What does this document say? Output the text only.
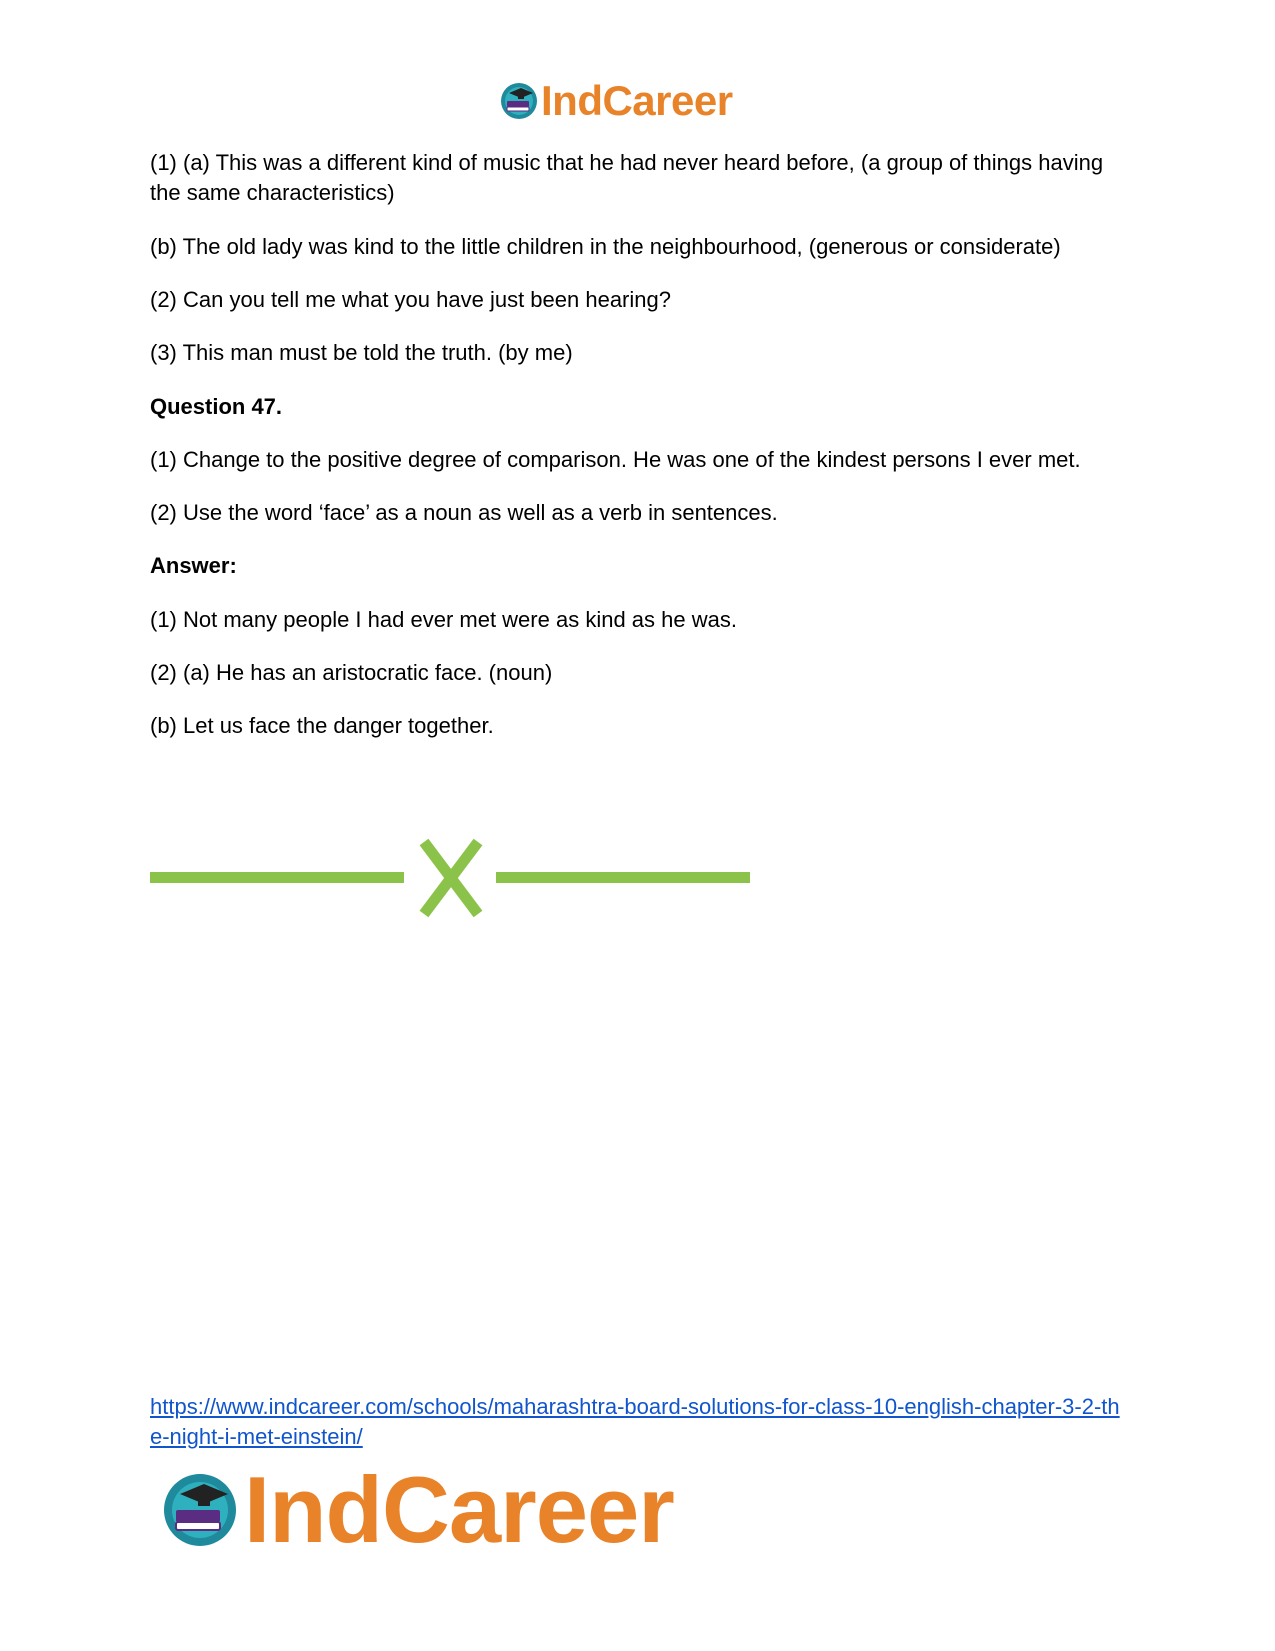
IndCareer

(1) (a) This was a different kind of music that he had never heard before, (a group of things having the same characteristics)

(b) The old lady was kind to the little children in the neighbourhood, (generous or considerate)

(2) Can you tell me what you have just been hearing?

(3) This man must be told the truth. (by me)

Question 47.

(1) Change to the positive degree of comparison. He was one of the kindest persons I ever met.

(2) Use the word ‘face’ as a noun as well as a verb in sentences.

Answer:

(1) Not many people I had ever met were as kind as he was.

(2) (a) He has an aristocratic face. (noun)

(b) Let us face the danger together.

https://www.indcareer.com/schools/maharashtra-board-solutions-for-class-10-english-chapter-3-2-the-night-i-met-einstein/
IndCareer
